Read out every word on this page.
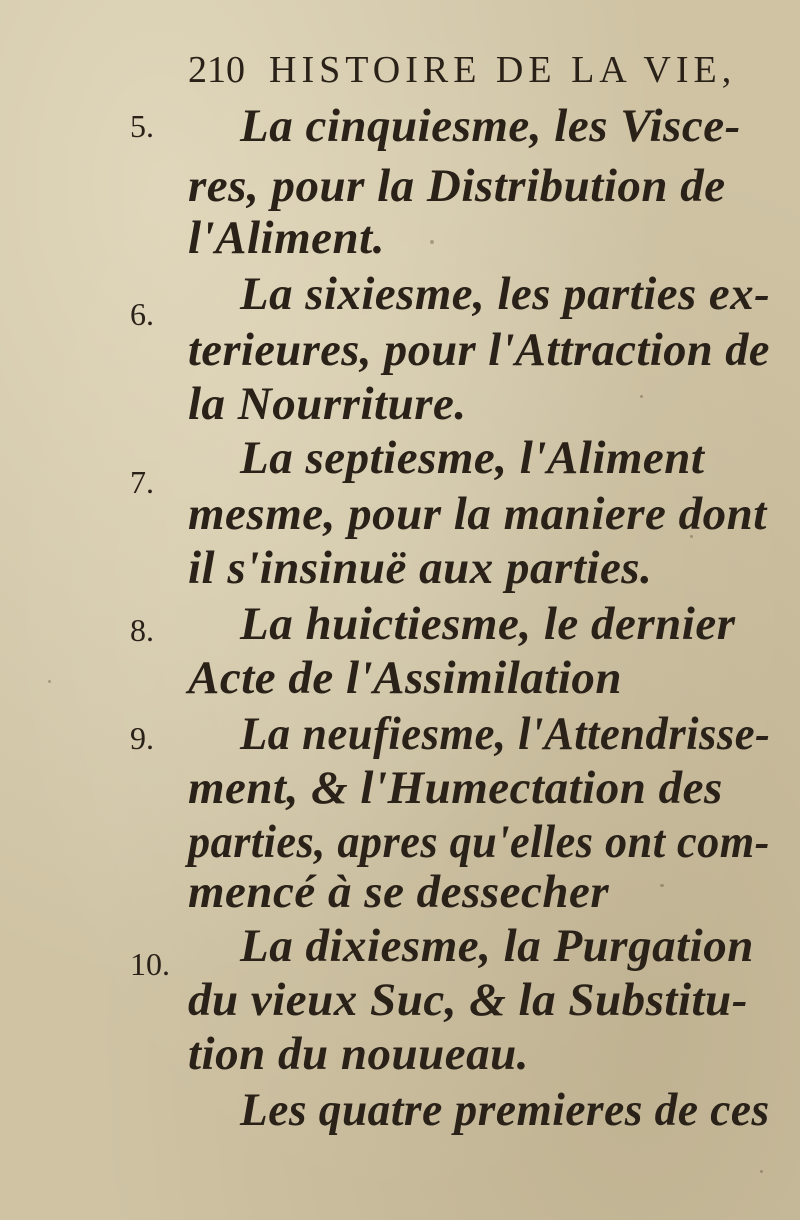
210 HISTOIRE DE LA VIE,
5.
6.
7.
8.
9.
10.
La cinquiesme, les Visce-
res, pour la Distribution de
l'Aliment.
La sixiesme, les parties ex-
terieures, pour l'Attraction de
la Nourriture.
La septiesme, l'Aliment
mesme, pour la maniere dont
il s'insinuë aux parties.
La huictiesme, le dernier
Acte de l'Assimilation
La neufiesme, l'Attendrisse-
ment, & l'Humectation des
parties, apres qu'elles ont com-
mencé à se dessecher
La dixiesme, la Purgation
du vieux Suc, & la Substitu-
tion du nouueau.
Les quatre premieres de ces
